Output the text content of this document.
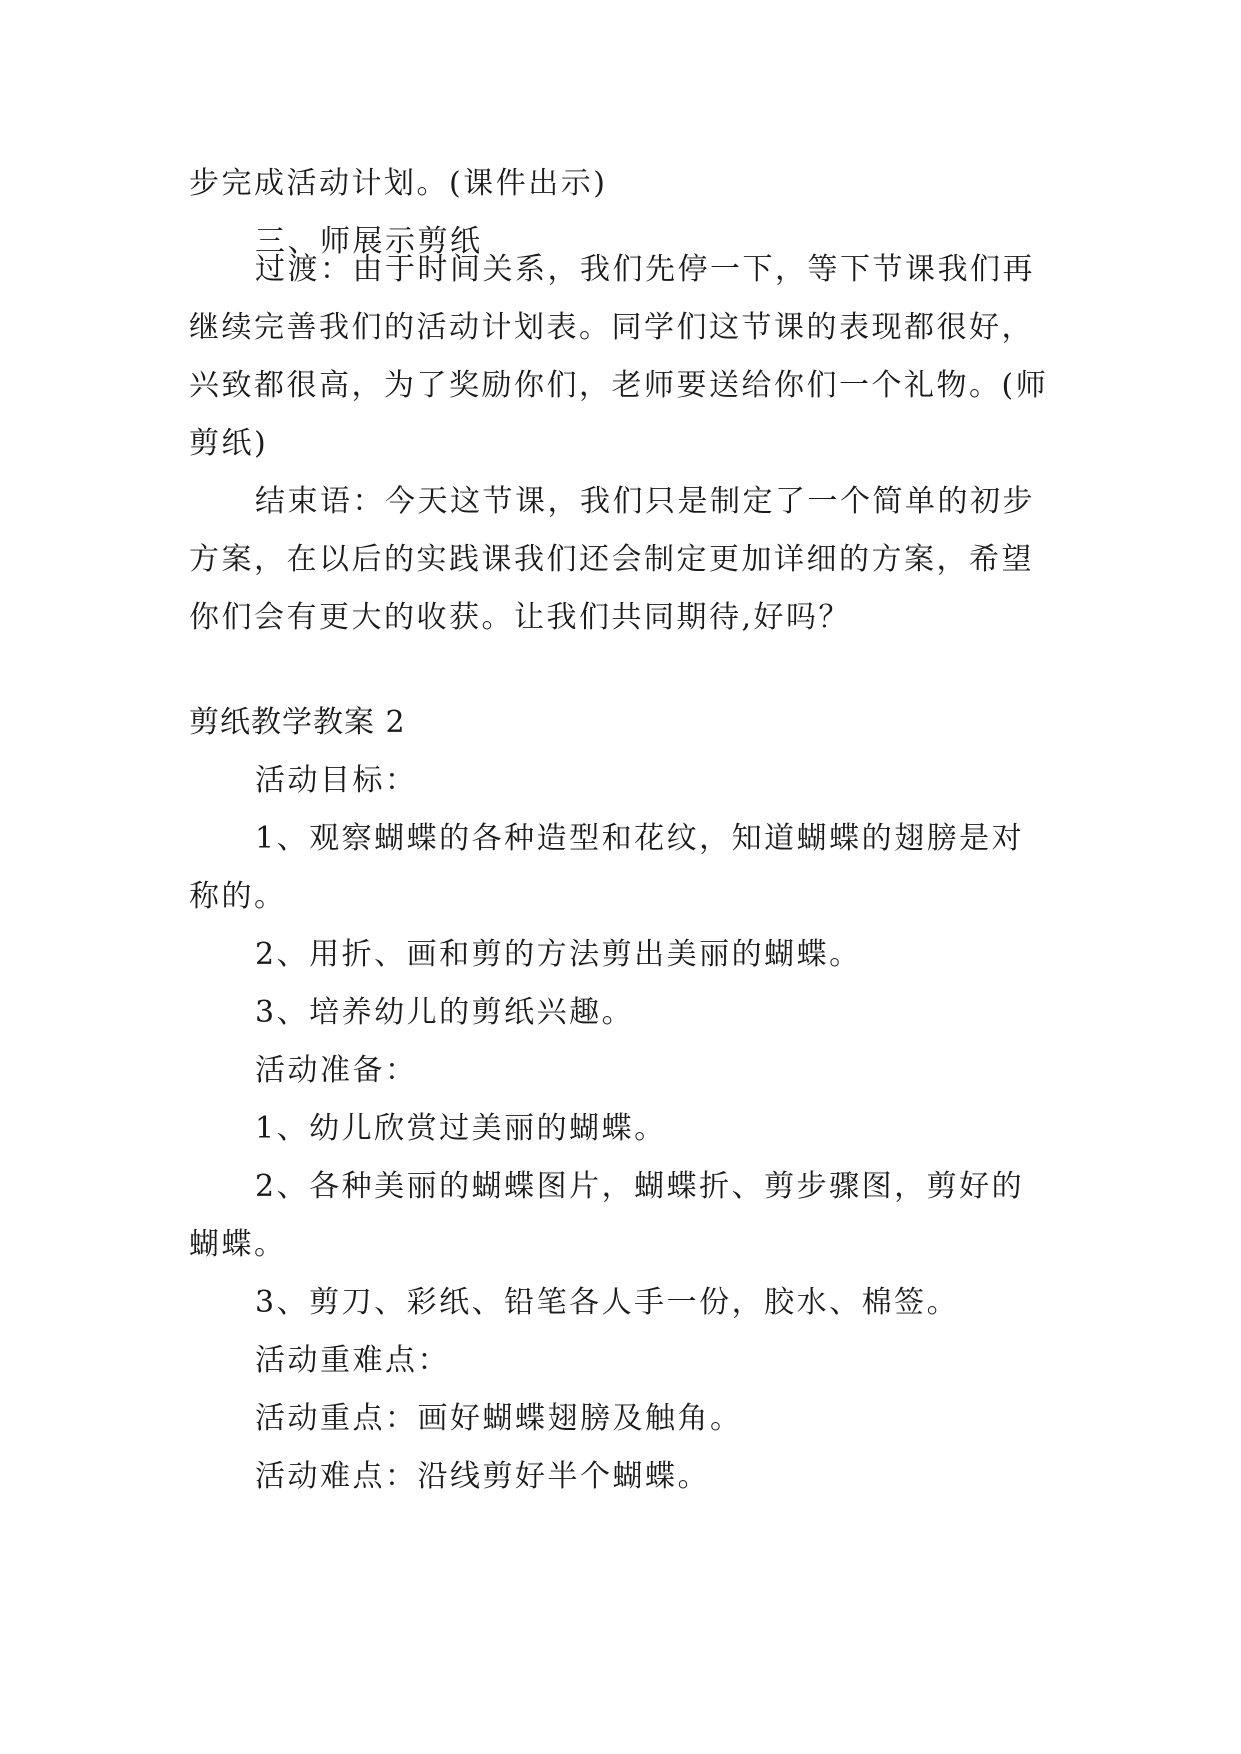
步完成活动计划。(课件出示)
三、师展示剪纸
过渡：由于时间关系，我们先停一下，等下节课我们再
继续完善我们的活动计划表。同学们这节课的表现都很好，
兴致都很高，为了奖励你们，老师要送给你们一个礼物。(师
剪纸)
结束语：今天这节课，我们只是制定了一个简单的初步
方案，在以后的实践课我们还会制定更加详细的方案，希望
你们会有更大的收获。让我们共同期待,好吗？
剪纸教学教案 2
活动目标：
1、观察蝴蝶的各种造型和花纹，知道蝴蝶的翅膀是对
称的。
2、用折、画和剪的方法剪出美丽的蝴蝶。
3、培养幼儿的剪纸兴趣。
活动准备：
1、幼儿欣赏过美丽的蝴蝶。
2、各种美丽的蝴蝶图片，蝴蝶折、剪步骤图，剪好的
蝴蝶。
3、剪刀、彩纸、铅笔各人手一份，胶水、棉签。
活动重难点：
活动重点：画好蝴蝶翅膀及触角。
活动难点：沿线剪好半个蝴蝶。
